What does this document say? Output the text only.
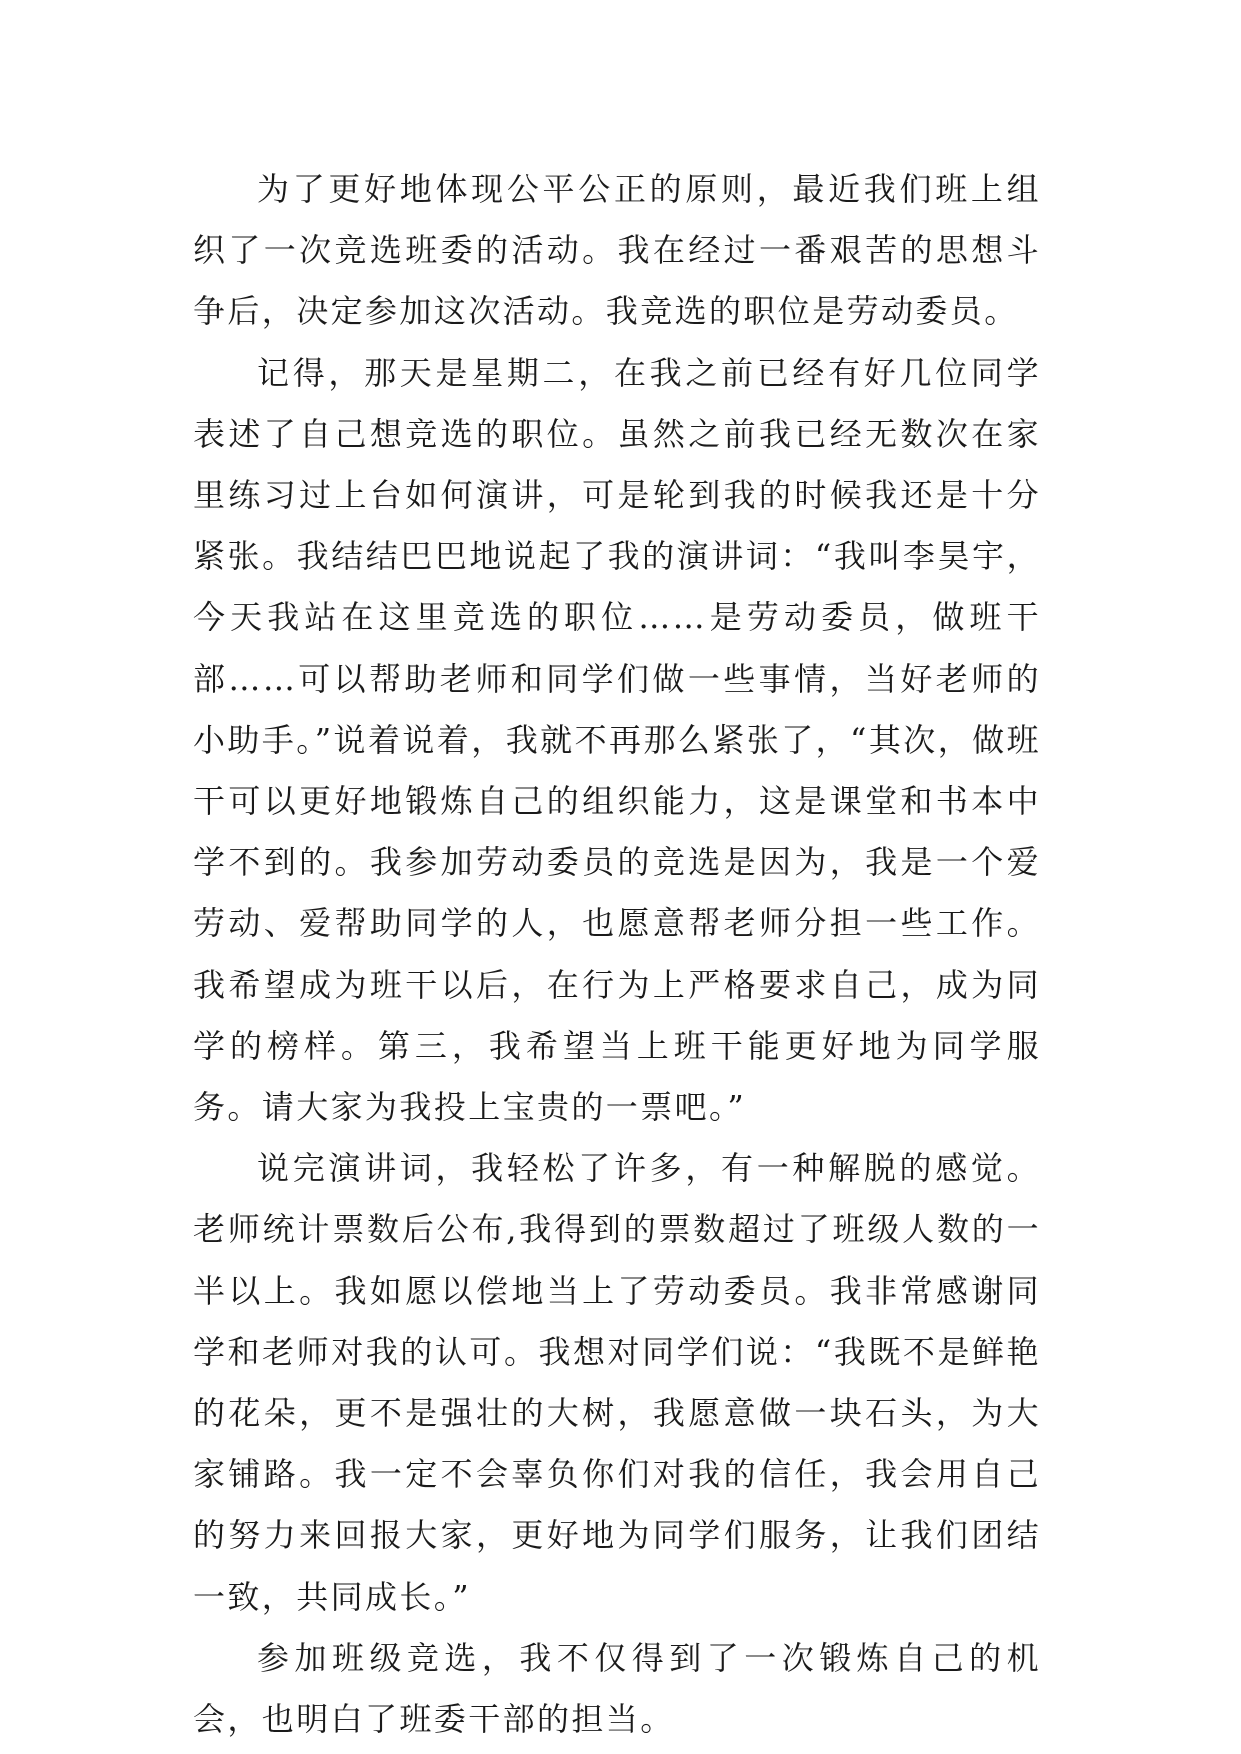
为了更好地体现公平公正的原则，最近我们班上组织了一次竞选班委的活动。我在经过一番艰苦的思想斗争后，决定参加这次活动。我竞选的职位是劳动委员。

记得，那天是星期二，在我之前已经有好几位同学表述了自己想竞选的职位。虽然之前我已经无数次在家里练习过上台如何演讲，可是轮到我的时候我还是十分紧张。我结结巴巴地说起了我的演讲词：“我叫李昊宇，今天我站在这里竞选的职位……是劳动委员，做班干部……可以帮助老师和同学们做一些事情，当好老师的小助手。”说着说着，我就不再那么紧张了，“其次，做班干可以更好地锻炼自己的组织能力，这是课堂和书本中学不到的。我参加劳动委员的竞选是因为，我是一个爱劳动、爱帮助同学的人，也愿意帮老师分担一些工作。我希望成为班干以后，在行为上严格要求自己，成为同学的榜样。第三，我希望当上班干能更好地为同学服务。请大家为我投上宝贵的一票吧。”

说完演讲词，我轻松了许多，有一种解脱的感觉。老师统计票数后公布,我得到的票数超过了班级人数的一半以上。我如愿以偿地当上了劳动委员。我非常感谢同学和老师对我的认可。我想对同学们说：“我既不是鲜艳的花朵，更不是强壮的大树，我愿意做一块石头，为大家铺路。我一定不会辜负你们对我的信任，我会用自己的努力来回报大家，更好地为同学们服务，让我们团结一致，共同成长。”

参加班级竞选，我不仅得到了一次锻炼自己的机会，也明白了班委干部的担当。
